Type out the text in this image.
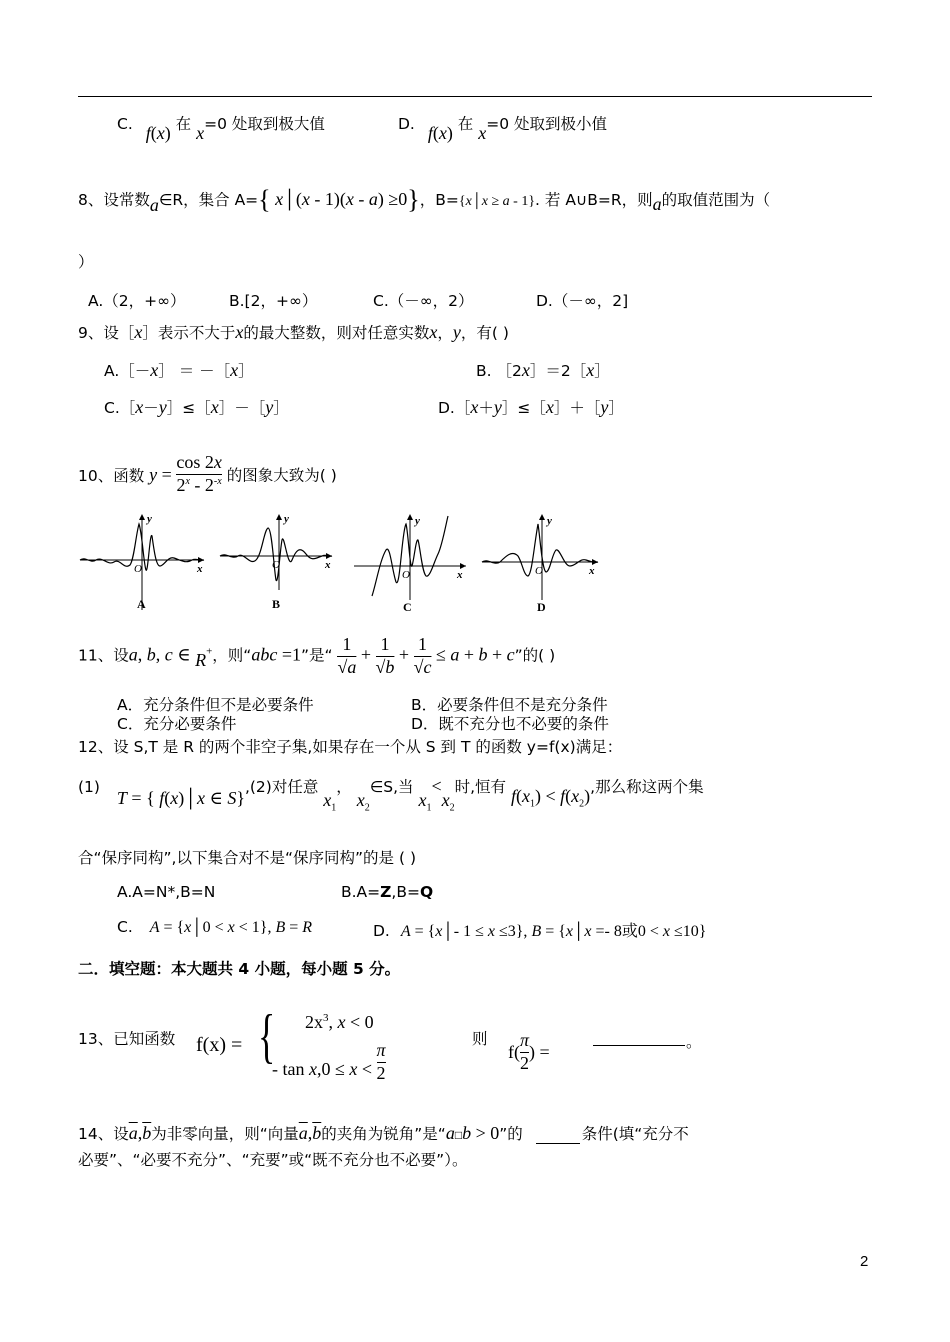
C. f(x) 在 x=0 处取到极大值	D. f(x) 在 x=0 处取到极小值
8、设常数a∈R，集合 A={ x│(x - 1)(x - a) ≥0}，B={x│x ≥ a - 1}. 若 A∪B=R，则a的取值范围为（
）
A.（2，+∞）	B.[2，+∞）	C.（－∞，2）	D.（－∞，2]
9、设［x］表示不大于x的最大整数，则对任意实数x，y，有( )
A.［－x］ ＝ －［x］	B. ［2x］＝2［x］
C.［x－y］≤［x］－［y］	D.［x＋y］≤［x］＋［y］
10、函数 $y = \frac{\cos 2x}{2^x - 2^{-x}}$ 的图象大致为( )
y
x
O
A
y
x
O
B
y
x
O
C
y
x
O
D
11、设a, b, c ∈ R+，则“abc =1”是“ $\frac{1}{√a} + \frac{1}{√b} + \frac{1}{√c} \le a + b + c$”的( )
A．充分条件但不是必要条件	B．必要条件但不是充分条件
C．充分必要条件	D．既不充分也不必要的条件
12、设 S,T 是 R 的两个非空子集,如果存在一个从 S 到 T 的函数 y=f(x)满足：
(1) T = { f(x)│x ∈ S},(2)对任意 $x_1$， $x_2\in S$,当 $x_1<x_2$时,恒有 $f(x_1) < f(x_2)$,那么称这两个集
合“保序同构”,以下集合对不是“保序同构”的是 ( )
A.A=N*,B=N	B.A=Z,B=Q
C. A = {x│0 < x < 1}, B = R	D. A = {x│- 1 ≤ x ≤3}, B = {x│x =- 8或0 < x ≤10}
二．填空题：本大题共 4 小题，每小题 5 分。
13、已知函数 f(x) = { $2x^3$, x < 0
- $\tan x,0 \le x < \frac{\pi}{2}$
则
$f( \frac{\pi}{2}$ ) =
。
14、设$\overline{a},\overline{b}$为非零向量，则“向量$\overline{a},\overline{b}$的夹角为锐角”是“a□b > 0”的	条件(填“充分不
必要”、“必要不充分”、“充要”或“既不充分也不必要”）。
2
